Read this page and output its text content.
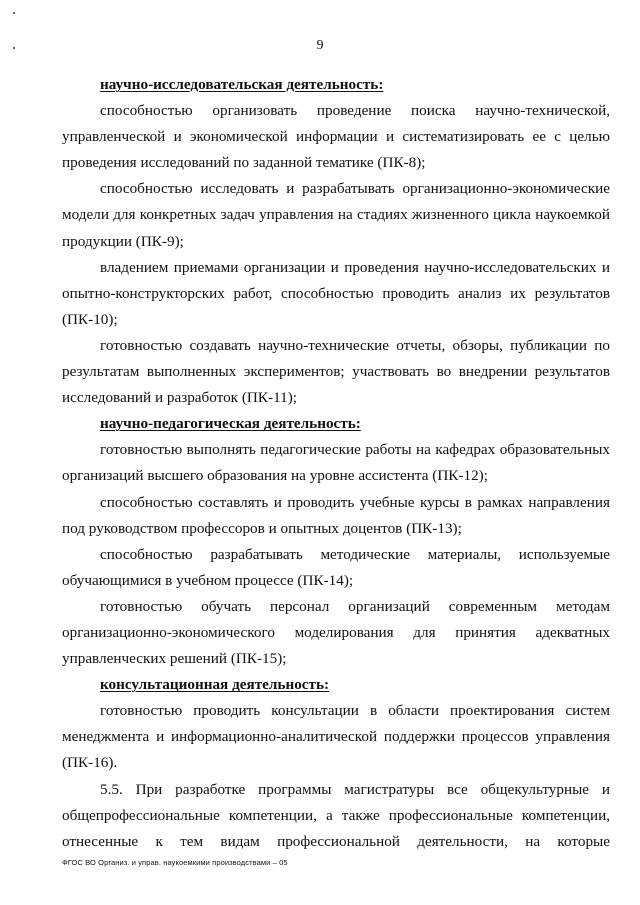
9

научно-исследовательская деятельность:

способностью организовать проведение поиска научно-технической, управленческой и экономической информации и систематизировать ее с целью проведения исследований по заданной тематике (ПК-8);

способностью исследовать и разрабатывать организационно-экономические модели для конкретных задач управления на стадиях жизненного цикла наукоемкой продукции (ПК-9);

владением приемами организации и проведения научно-исследовательских и опытно-конструкторских работ, способностью проводить анализ их результатов (ПК-10);

готовностью создавать научно-технические отчеты, обзоры, публикации по результатам выполненных экспериментов; участвовать во внедрении результатов исследований и разработок (ПК-11);

научно-педагогическая деятельность:

готовностью выполнять педагогические работы на кафедрах образовательных организаций высшего образования на уровне ассистента (ПК-12);

способностью составлять и проводить учебные курсы в рамках направления под руководством профессоров и опытных доцентов (ПК-13);

способностью разрабатывать методические материалы, используемые обучающимися в учебном процессе (ПК-14);

готовностью обучать персонал организаций современным методам организационно-экономического моделирования для принятия адекватных управленческих решений (ПК-15);

консультационная деятельность:

готовностью проводить консультации в области проектирования систем менеджмента и информационно-аналитической поддержки процессов управления (ПК-16).

5.5. При разработке программы магистратуры все общекультурные и общепрофессиональные компетенции, а также профессиональные компетенции, отнесенные к тем видам профессиональной деятельности, на которые

ФГОС ВО Организ. и управ. наукоемкими производствами – 05
